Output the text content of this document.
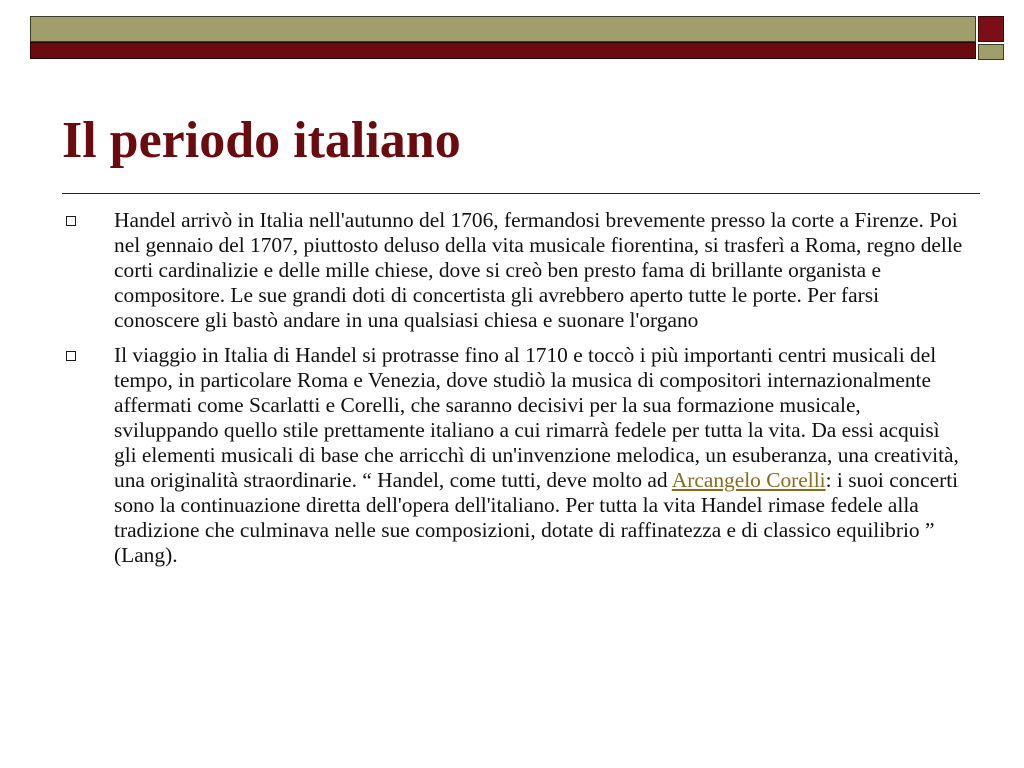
Il periodo italiano
Handel arrivò in Italia nell'autunno del 1706, fermandosi brevemente presso la corte a Firenze. Poi nel gennaio del 1707, piuttosto deluso della vita musicale fiorentina, si trasferì a Roma, regno delle corti cardinalizie e delle mille chiese, dove si creò ben presto fama di brillante organista e compositore. Le sue grandi doti di concertista gli avrebbero aperto tutte le porte. Per farsi conoscere gli bastò andare in una qualsiasi chiesa e suonare l'organo
Il viaggio in Italia di Handel si protrasse fino al 1710 e toccò i più importanti centri musicali del tempo, in particolare Roma e Venezia, dove studiò la musica di compositori internazionalmente affermati come Scarlatti e Corelli, che saranno decisivi per la sua formazione musicale, sviluppando quello stile prettamente italiano a cui rimarrà fedele per tutta la vita. Da essi acquisì gli elementi musicali di base che arricchì di un'invenzione melodica, un esuberanza, una creatività, una originalità straordinarie. “ Handel, come tutti, deve molto ad Arcangelo Corelli: i suoi concerti sono la continuazione diretta dell'opera dell'italiano. Per tutta la vita Handel rimase fedele alla tradizione che culminava nelle sue composizioni, dotate di raffinatezza e di classico equilibrio ” (Lang).
